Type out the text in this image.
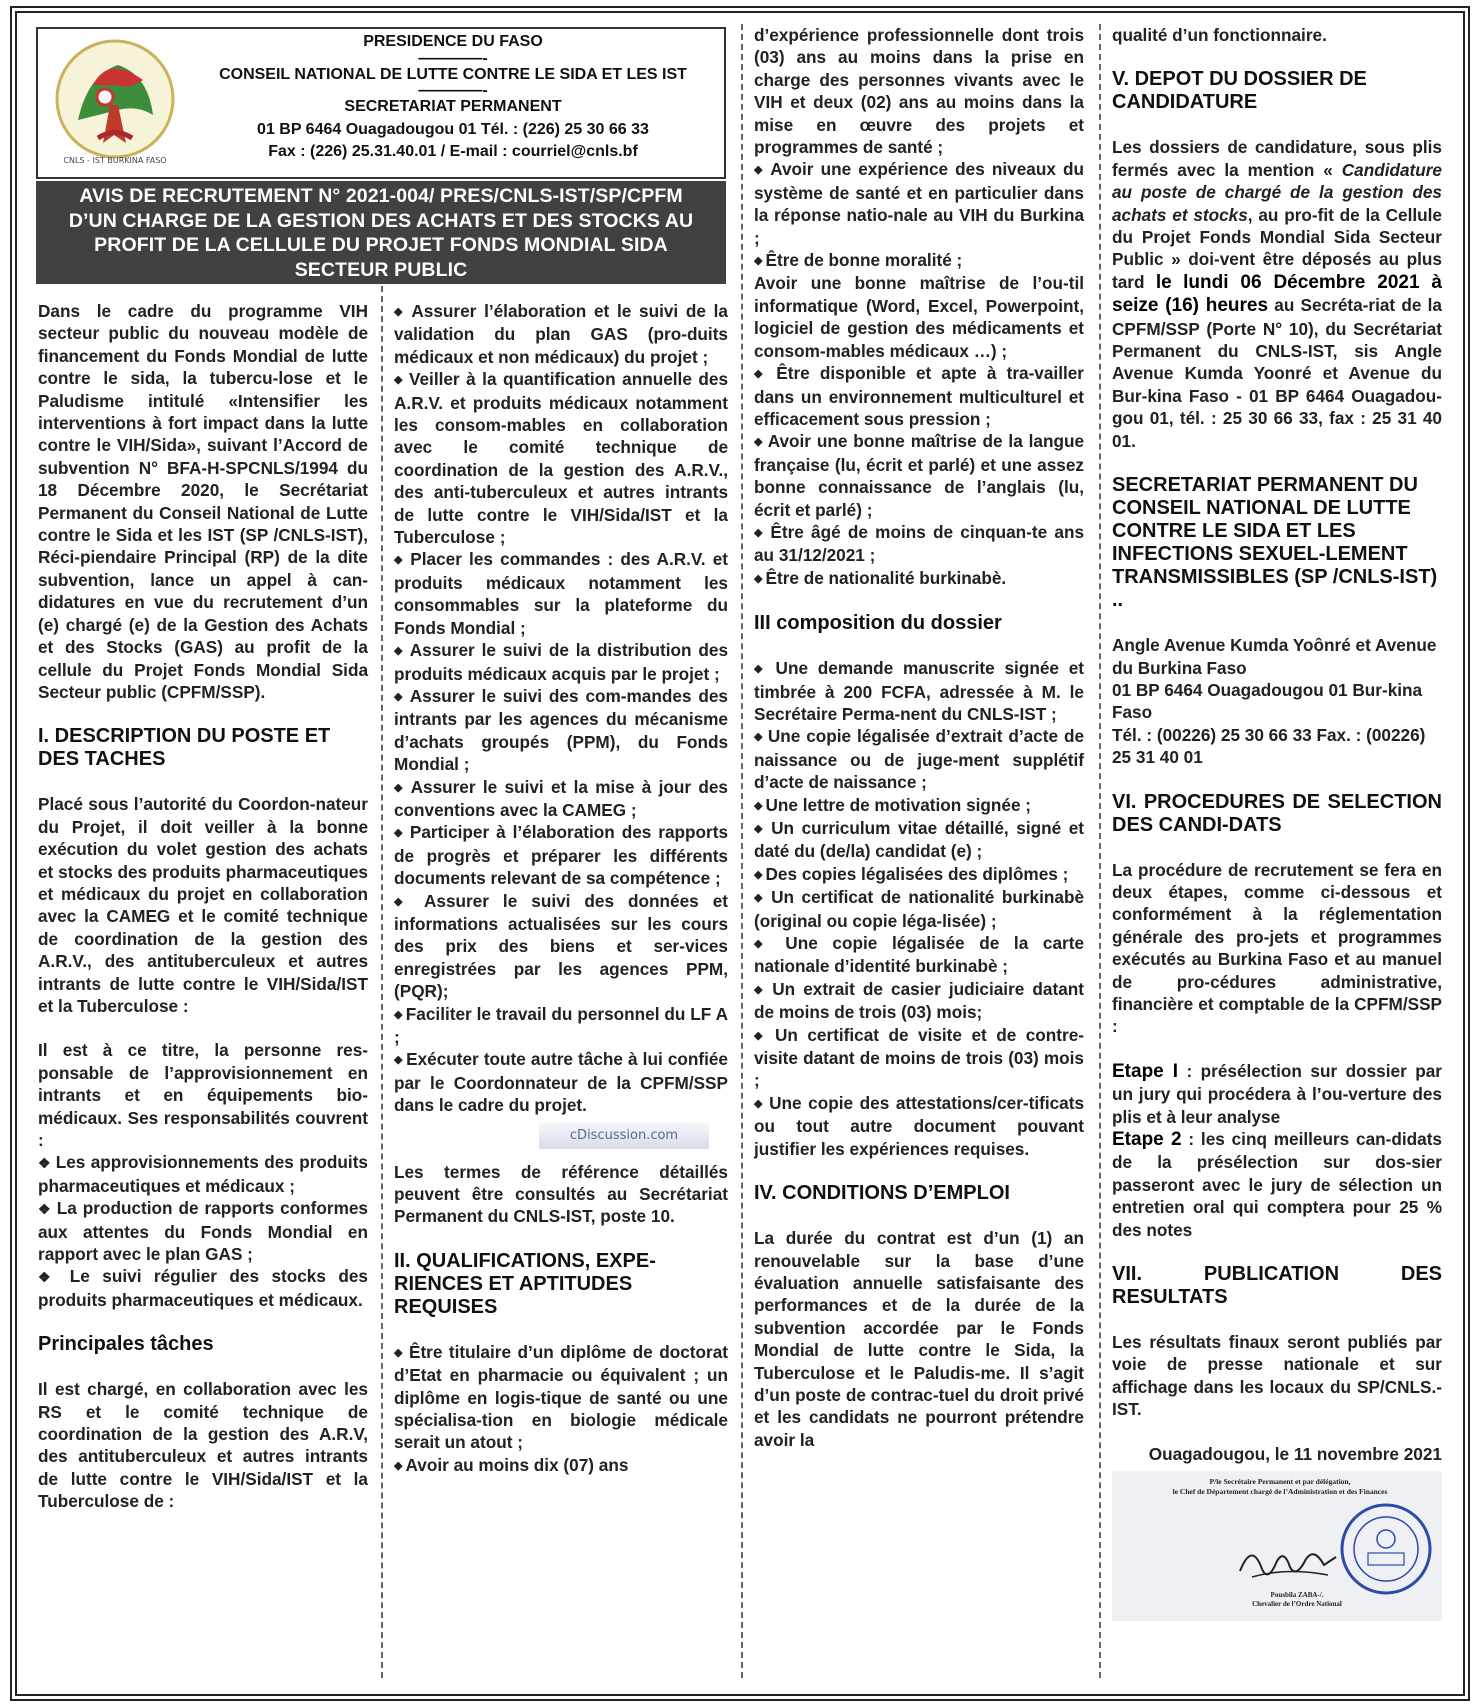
CNLS - IST BURKINA FASO
PRESIDENCE DU FASO
————-
CONSEIL NATIONAL DE LUTTE CONTRE LE SIDA ET LES IST
————-
SECRETARIAT PERMANENT
01 BP 6464 Ouagadougou 01 Tél. : (226) 25 30 66 33
Fax : (226) 25.31.40.01 / E-mail : courriel@cnls.bf
AVIS DE RECRUTEMENT N° 2021-004/ PRES/CNLS-IST/SP/CPFM
D’UN CHARGE DE LA GESTION DES ACHATS ET DES STOCKS AU
PROFIT DE LA CELLULE DU PROJET FONDS MONDIAL SIDA
SECTEUR PUBLIC

Dans le cadre du programme VIH secteur public du nouveau modèle de financement du Fonds Mondial de lutte contre le sida, la tubercu-lose et le Paludisme intitulé «Intensifier les interventions à fort impact dans la lutte contre le VIH/Sida», suivant l’Accord de subvention N° BFA-H-SPCNLS/1994 du 18 Décembre 2020, le Secrétariat Permanent du Conseil National de Lutte contre le Sida et les IST (SP /CNLS-IST), Réci-piendaire Principal (RP) de la dite subvention, lance un appel à can-didatures en vue du recrutement d’un (e) chargé (e) de la Gestion des Achats et des Stocks (GAS) au profit de la cellule du Projet Fonds Mondial Sida Secteur public (CPFM/SSP).

I. DESCRIPTION DU POSTE ET DES TACHES

Placé sous l’autorité du Coordon-nateur du Projet, il doit veiller à la bonne exécution du volet gestion des achats et stocks des produits pharmaceutiques et médicaux du projet en collaboration avec la CAMEG et le comité technique de coordination de la gestion des A.R.V., des antituberculeux et autres intrants de lutte contre le VIH/Sida/IST et la Tuberculose :

Il est à ce titre, la personne res-ponsable de l’approvisionnement en intrants et en équipements bio-médicaux. Ses responsabilités couvrent :

❖ Les approvisionnements des produits pharmaceutiques et médicaux ;

❖ La production de rapports conformes aux attentes du Fonds Mondial en rapport avec le plan GAS ;

❖ Le suivi régulier des stocks des produits pharmaceutiques et médicaux.

Principales tâches

Il est chargé, en collaboration avec les RS et le comité technique de coordination de la gestion des A.R.V, des antituberculeux et autres intrants de lutte contre le VIH/Sida/IST et la Tuberculose de :

◆ Assurer l’élaboration et le suivi de la validation du plan GAS (pro-duits médicaux et non médicaux) du projet ;

◆ Veiller à la quantification annuelle des A.R.V. et produits médicaux notamment les consom-mables en collaboration avec le comité technique de coordination de la gestion des A.R.V., des anti-tuberculeux et autres intrants de lutte contre le VIH/Sida/IST et la Tuberculose ;

◆ Placer les commandes : des A.R.V. et produits médicaux notamment les consommables sur la plateforme du Fonds Mondial ;

◆ Assurer le suivi de la distribution des produits médicaux acquis par le projet ;

◆ Assurer le suivi des com-mandes des intrants par les agences du mécanisme d’achats groupés (PPM), du Fonds Mondial ;

◆ Assurer le suivi et la mise à jour des conventions avec la CAMEG ;

◆ Participer à l’élaboration des rapports de progrès et préparer les différents documents relevant de sa compétence ;

◆ Assurer le suivi des données et informations actualisées sur les cours des prix des biens et ser-vices enregistrées par les agences PPM, (PQR);

◆ Faciliter le travail du personnel du LF A ;

◆ Exécuter toute autre tâche à lui confiée par le Coordonnateur de la CPFM/SSP dans le cadre du projet.

cDiscussion.com

Les termes de référence détaillés peuvent être consultés au Secrétariat Permanent du CNLS-IST, poste 10.

II. QUALIFICATIONS, EXPE-RIENCES ET APTITUDES REQUISES

◆ Être titulaire d’un diplôme de doctorat d’Etat en pharmacie ou équivalent ; un diplôme en logis-tique de santé ou une spécialisa-tion en biologie médicale serait un atout ;

◆ Avoir au moins dix (07) ans

d’expérience professionnelle dont trois (03) ans au moins dans la prise en charge des personnes vivants avec le VIH et deux (02) ans au moins dans la mise en œuvre des projets et programmes de santé ;

◆ Avoir une expérience des niveaux du système de santé et en particulier dans la réponse natio-nale au VIH du Burkina ;

◆ Être de bonne moralité ;

Avoir une bonne maîtrise de l’ou-til informatique (Word, Excel, Powerpoint, logiciel de gestion des médicaments et consom-mables médicaux …) ;

◆ Être disponible et apte à tra-vailler dans un environnement multiculturel et efficacement sous pression ;

◆ Avoir une bonne maîtrise de la langue française (lu, écrit et parlé) et une assez bonne connaissance de l’anglais (lu, écrit et parlé) ;

◆ Être âgé de moins de cinquan-te ans au 31/12/2021 ;

◆ Être de nationalité burkinabè.

III composition du dossier

◆ Une demande manuscrite signée et timbrée à 200 FCFA, adressée à M. le Secrétaire Perma-nent du CNLS-IST ;

◆ Une copie légalisée d’extrait d’acte de naissance ou de juge-ment supplétif d’acte de naissance ;

◆ Une lettre de motivation signée ;

◆ Un curriculum vitae détaillé, signé et daté du (de/la) candidat (e) ;

◆ Des copies légalisées des diplômes ;

◆ Un certificat de nationalité burkinabè (original ou copie léga-lisée) ;

◆ Une copie légalisée de la carte nationale d’identité burkinabè ;

◆ Un extrait de casier judiciaire datant de moins de trois (03) mois;

◆ Un certificat de visite et de contre-visite datant de moins de trois (03) mois ;

◆ Une copie des attestations/cer-tificats ou tout autre document pouvant justifier les expériences requises.

IV. CONDITIONS D’EMPLOI

La durée du contrat est d’un (1) an renouvelable sur la base d’une évaluation annuelle satisfaisante des performances et de la durée de la subvention accordée par le Fonds Mondial de lutte contre le Sida, la Tuberculose et le Paludis-me. Il s’agit d’un poste de contrac-tuel du droit privé et les candidats ne pourront prétendre avoir la

qualité d’un fonctionnaire.

V. DEPOT DU DOSSIER DE CANDIDATURE

Les dossiers de candidature, sous plis fermés avec la mention « Candidature au poste de chargé de la gestion des achats et stocks, au pro-fit de la Cellule du Projet Fonds Mondial Sida Secteur Public » doi-vent être déposés au plus tard le lundi 06 Décembre 2021 à seize (16) heures au Secréta-riat de la CPFM/SSP (Porte N° 10), du Secrétariat Permanent du CNLS-IST, sis Angle Avenue Kumda Yoonré et Avenue du Bur-kina Faso - 01 BP 6464 Ouagadou-gou 01, tél. : 25 30 66 33, fax : 25 31 40 01.

SECRETARIAT PERMANENT DU CONSEIL NATIONAL DE LUTTE CONTRE LE SIDA ET LES INFECTIONS SEXUEL-LEMENT TRANSMISSIBLES (SP /CNLS-IST) ..

Angle Avenue Kumda Yoônré et Avenue du Burkina Faso

01 BP 6464 Ouagadougou 01 Bur-kina Faso

Tél. : (00226) 25 30 66 33 Fax. : (00226) 25 31 40 01

VI. PROCEDURES DE SELECTION DES CANDI-DATS

La procédure de recrutement se fera en deux étapes, comme ci-dessous et conformément à la réglementation générale des pro-jets et programmes exécutés au Burkina Faso et au manuel de pro-cédures administrative, financière et comptable de la CPFM/SSP :

Etape I : présélection sur dossier par un jury qui procédera à l’ou-verture des plis et à leur analyse

Etape 2 : les cinq meilleurs can-didats de la présélection sur dos-sier passeront avec le jury de sélection un entretien oral qui comptera pour 25 % des notes

VII. PUBLICATION DES RESULTATS

Les résultats finaux seront publiés par voie de presse nationale et sur affichage dans les locaux du SP/CNLS.-IST.

Ouagadougou, le 11 novembre 2021

P/le Secrétaire Permanent et par délégation,
le Chef de Département chargé de l’Administration et des Finances
Pousbila ZABA-/.
Chevalier de l’Ordre National
